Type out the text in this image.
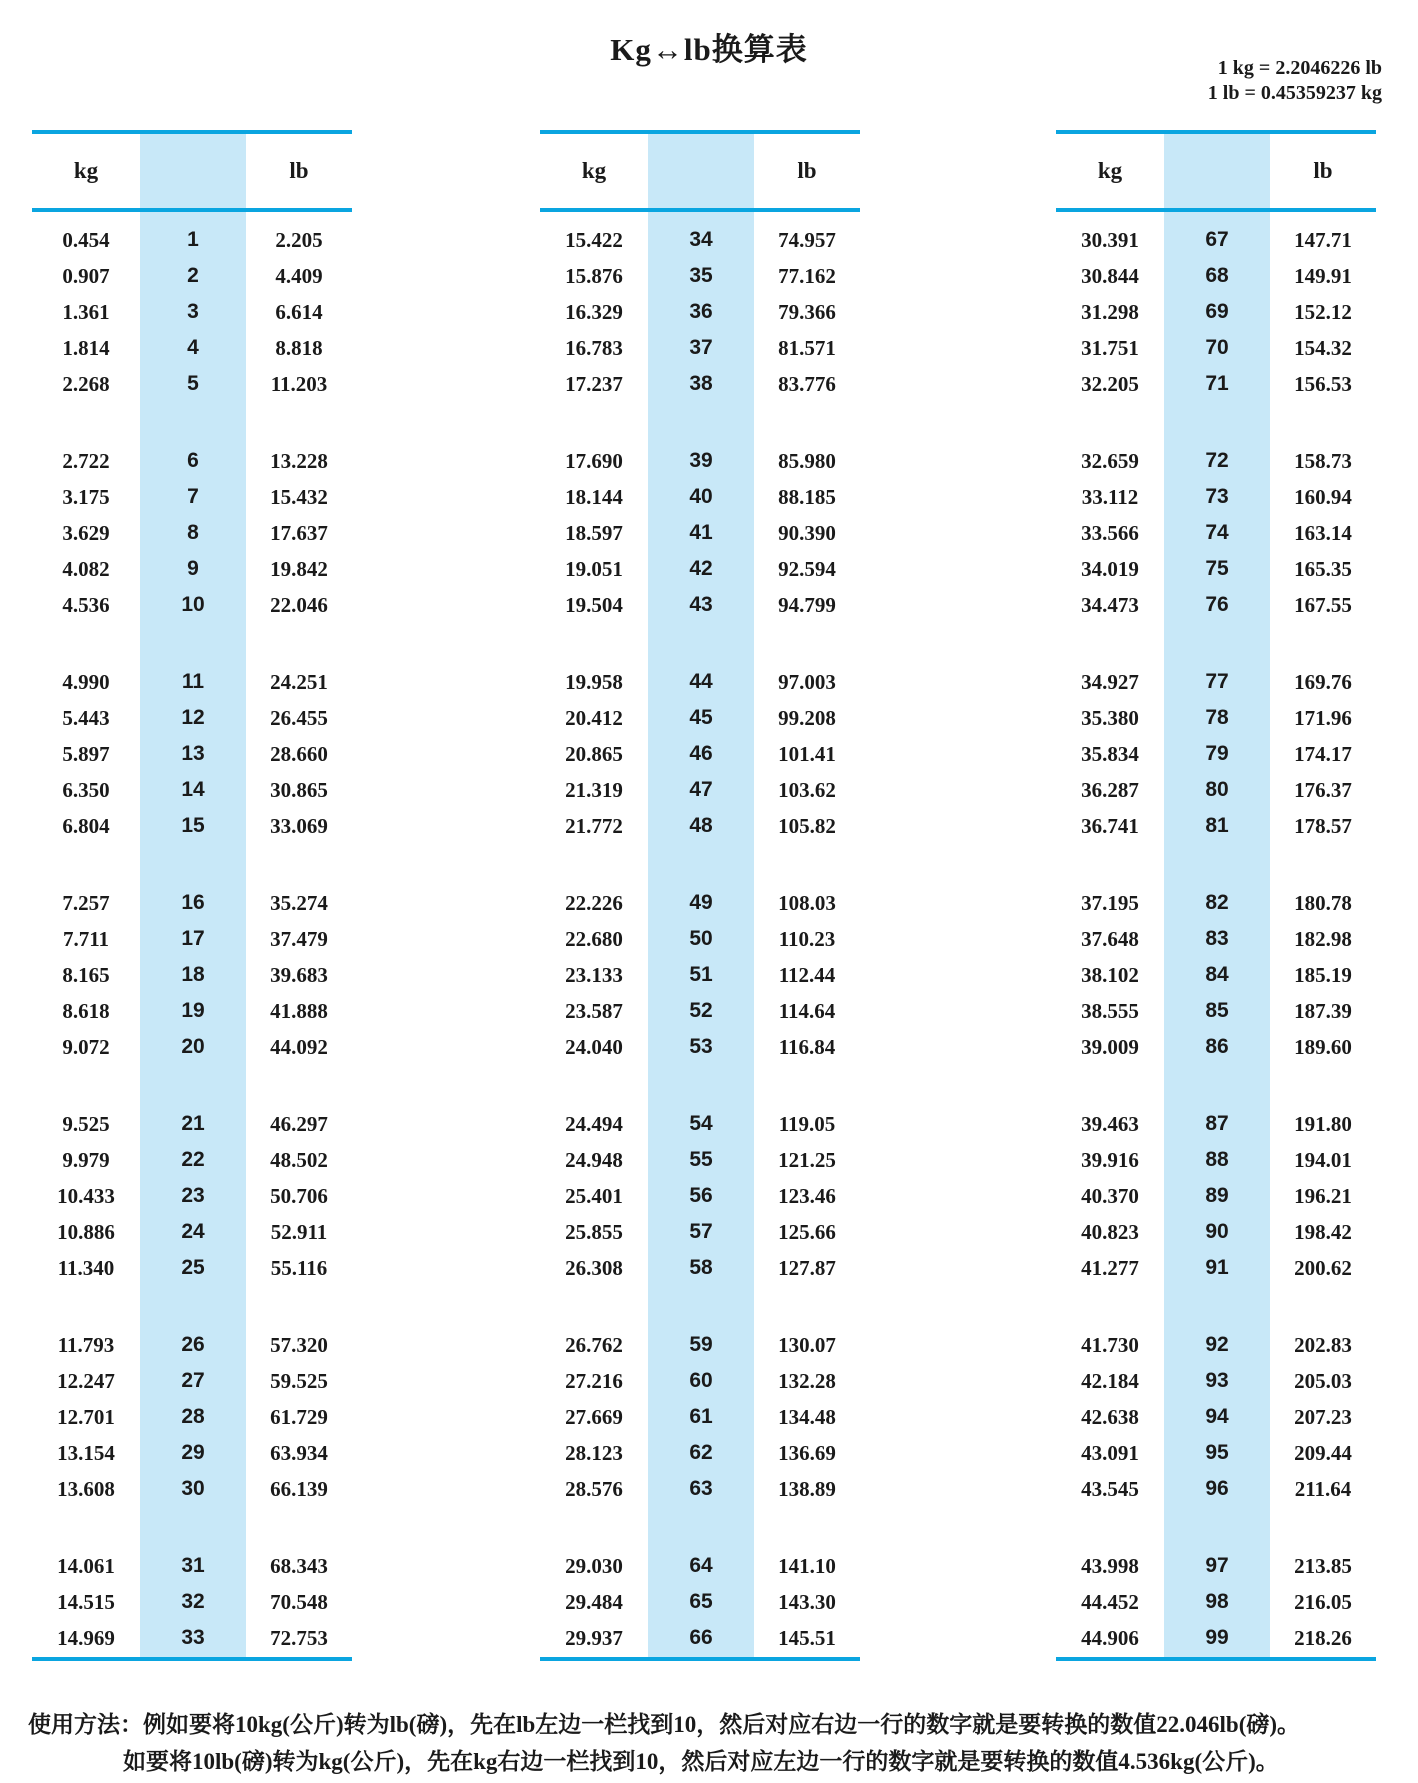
Kg↔lb换算表
1 kg = 2.2046226 lb
1 lb = 0.45359237 kg
kg	lb
0.454	1	2.205
0.907	2	4.409
1.361	3	6.614
1.814	4	8.818
2.268	5	11.203
2.722	6	13.228
3.175	7	15.432
3.629	8	17.637
4.082	9	19.842
4.536	10	22.046
4.990	11	24.251
5.443	12	26.455
5.897	13	28.660
6.350	14	30.865
6.804	15	33.069
7.257	16	35.274
7.711	17	37.479
8.165	18	39.683
8.618	19	41.888
9.072	20	44.092
9.525	21	46.297
9.979	22	48.502
10.433	23	50.706
10.886	24	52.911
11.340	25	55.116
11.793	26	57.320
12.247	27	59.525
12.701	28	61.729
13.154	29	63.934
13.608	30	66.139
14.061	31	68.343
14.515	32	70.548
14.969	33	72.753
kg	lb
15.422	34	74.957
15.876	35	77.162
16.329	36	79.366
16.783	37	81.571
17.237	38	83.776
17.690	39	85.980
18.144	40	88.185
18.597	41	90.390
19.051	42	92.594
19.504	43	94.799
19.958	44	97.003
20.412	45	99.208
20.865	46	101.41
21.319	47	103.62
21.772	48	105.82
22.226	49	108.03
22.680	50	110.23
23.133	51	112.44
23.587	52	114.64
24.040	53	116.84
24.494	54	119.05
24.948	55	121.25
25.401	56	123.46
25.855	57	125.66
26.308	58	127.87
26.762	59	130.07
27.216	60	132.28
27.669	61	134.48
28.123	62	136.69
28.576	63	138.89
29.030	64	141.10
29.484	65	143.30
29.937	66	145.51
kg	lb
30.391	67	147.71
30.844	68	149.91
31.298	69	152.12
31.751	70	154.32
32.205	71	156.53
32.659	72	158.73
33.112	73	160.94
33.566	74	163.14
34.019	75	165.35
34.473	76	167.55
34.927	77	169.76
35.380	78	171.96
35.834	79	174.17
36.287	80	176.37
36.741	81	178.57
37.195	82	180.78
37.648	83	182.98
38.102	84	185.19
38.555	85	187.39
39.009	86	189.60
39.463	87	191.80
39.916	88	194.01
40.370	89	196.21
40.823	90	198.42
41.277	91	200.62
41.730	92	202.83
42.184	93	205.03
42.638	94	207.23
43.091	95	209.44
43.545	96	211.64
43.998	97	213.85
44.452	98	216.05
44.906	99	218.26
使用方法：例如要将10kg(公斤)转为lb(磅)，先在lb左边一栏找到10，然后对应右边一行的数字就是要转换的数值22.046lb(磅)。
如要将10lb(磅)转为kg(公斤)，先在kg右边一栏找到10，然后对应左边一行的数字就是要转换的数值4.536kg(公斤)。
